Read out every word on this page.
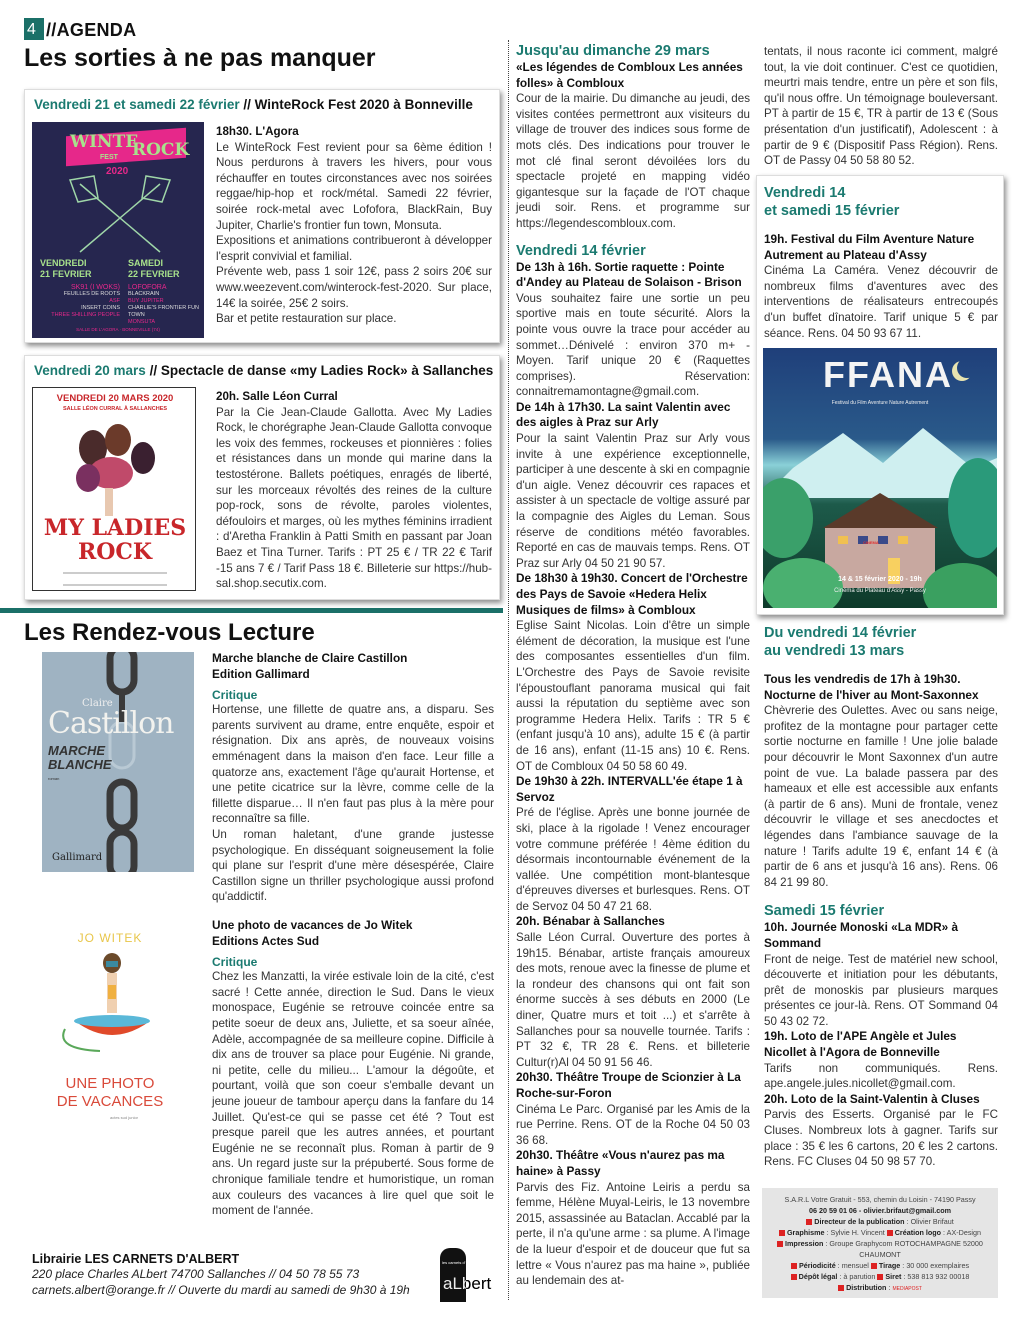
4 //AGENDA
Les sorties à ne pas manquer
Vendredi 21 et samedi 22 février // WinteRock Fest 2020 à Bonneville
WINTE
ROCK
FEST
2020
VENDREDI
21 FEVRIER
SAMEDI
22 FEVRIER
SK91 (I WOKS)
FEUILLES DE ROOTS
ASF
INSERT COINS
THREE SHILLING PEOPLE
LOFOFORA
BLACKRAIN
BUY JUPITER
CHARLIE'S FRONTIER FUN TOWN
MONSUTA
SALLE DE L'AGORA · BONNEVILLE (74)
18h30. L'Agora
Le WinteRock Fest revient pour sa 6ème édition ! Nous perdurons à travers les hivers, pour vous réchauffer en toutes circonstances avec nos soirées reggae/hip-hop et rock/métal. Samedi 22 février, soirée rock-metal avec Lofofora, BlackRain, Buy Jupiter, Charlie's frontier fun town, Monsuta.
Expositions et animations contribueront à développer l'esprit convivial et familial.
Prévente web, pass 1 soir 12€, pass 2 soirs 20€ sur www.weezevent.com/winterock-fest-2020. Sur place, 14€ la soirée, 25€ 2 soirs.
Bar et petite restauration sur place.
Vendredi 20 mars // Spectacle de danse «my Ladies Rock» à Sallanches
VENDREDI 20 MARS 2020
SALLE LÉON CURRAL À SALLANCHES
MY LADIES
ROCK
20h. Salle Léon Curral
Par la Cie Jean-Claude Gallotta. Avec My Ladies Rock, le chorégraphe Jean-Claude Gallotta convoque les voix des femmes, rockeuses et pionnières : folies et résistances dans un monde qui marine dans la testostérone. Ballets poétiques, enragés de liberté, sur les morceaux révoltés des reines de la culture pop-rock, sons de révolte, paroles violentes, défouloirs et marges, où les mythes féminins irradient : d'Aretha Franklin à Patti Smith en passant par Joan Baez et Tina Turner. Tarifs : PT 25 € / TR 22 € Tarif -15 ans 7 € / Tarif Pass 18 €. Billeterie sur https://hub-sal.shop.secutix.com.
Les Rendez-vous Lecture
Claire
Castillon
MARCHE
BLANCHE
roman
Gallimard
Marche blanche de Claire Castillon
Edition Gallimard
Critique
Hortense, une fillette de quatre ans, a disparu. Ses parents survivent au drame, entre enquête, espoir et résignation. Dix ans après, de nouveaux voisins emménagent dans la maison d'en face. Leur fille a quatorze ans, exactement l'âge qu'aurait Hortense, et une petite cicatrice sur la lèvre, comme celle de la fillette disparue… Il n'en faut pas plus à la mère pour reconnaître sa fille.
Un roman haletant, d'une grande justesse psychologique. En disséquant soigneusement la folie qui plane sur l'esprit d'une mère désespérée, Claire Castillon signe un thriller psychologique aussi profond qu'addictif.
JO WITEK
UNE PHOTO
DE VACANCES
actes sud junior
Une photo de vacances de Jo Witek
Editions Actes Sud
Critique
Chez les Manzatti, la virée estivale loin de la cité, c'est sacré ! Cette année, direction le Sud. Dans le vieux monospace, Eugénie se retrouve coincée entre sa petite soeur de deux ans, Juliette, et sa soeur aînée, Adèle, accompagnée de sa meilleure copine. Difficile à dix ans de trouver sa place pour Eugénie. Ni grande, ni petite, celle du milieu... L'amour la dégoûte, et pourtant, voilà que son coeur s'emballe devant un jeune joueur de tambour aperçu dans la fanfare du 14 Juillet. Qu'est-ce qui se passe cet été ? Tout est presque pareil que les autres années, et pourtant Eugénie ne se reconnaît plus. Roman à partir de 9 ans. Un regard juste sur la prépuberté. Sous forme de chronique familiale tendre et humoristique, un roman aux couleurs des vacances à lire quel que soit le moment de l'année.
Librairie LES CARNETS D'ALBERT
220 place Charles ALbert 74700 Sallanches // 04 50 78 55 73
carnets.albert@orange.fr // Ouverte du mardi au samedi de 9h30 à 19h
les carnets d'
aLbert
Jusqu'au dimanche 29 mars
«Les légendes de Combloux Les années folles» à Combloux
Cour de la mairie. Du dimanche au jeudi, des visites contées permettront aux visiteurs du village de trouver des indices sous forme de mots clés. Des indications pour trouver le mot clé final seront dévoilées lors du spectacle projeté en mapping vidéo gigantesque sur la façade de l'OT chaque jeudi soir. Rens. et programme sur https://legendescombloux.com.
Vendredi 14 février
De 13h à 16h. Sortie raquette : Pointe d'Andey au Plateau de Solaison - Brison
Vous souhaitez faire une sortie un peu sportive mais en toute sécurité. Alors la pointe vous ouvre la trace pour accéder au sommet…Dénivelé : environ 370 m+ - Moyen. Tarif unique 20 € (Raquettes comprises). Réservation: connaitremamontagne@gmail.com.
De 14h à 17h30. La saint Valentin avec des aigles à Praz sur Arly
Pour la saint Valentin Praz sur Arly vous invite à une expérience exceptionnelle, participer à une descente à ski en compagnie d'un aigle. Venez découvrir ces rapaces et assister à un spectacle de voltige assuré par la compagnie des Aigles du Leman. Sous réserve de conditions météo favorables. Reporté en cas de mauvais temps. Rens. OT Praz sur Arly 04 50 21 90 57.
De 18h30 à 19h30. Concert de l'Orchestre des Pays de Savoie «Hedera Helix Musiques de films» à Combloux
Eglise Saint Nicolas. Loin d'être un simple élément de décoration, la musique est l'une des composantes essentielles d'un film. L'Orchestre des Pays de Savoie revisite l'époustouflant panorama musical qui fait aussi la réputation du septième avec son programme Hedera Helix. Tarifs : TR 5 € (enfant jusqu'à 10 ans), adulte 15 € (à partir de 16 ans), enfant (11-15 ans) 10 €. Rens. OT de Combloux 04 50 58 60 49.
De 19h30 à 22h. INTERVALL'ée étape 1 à Servoz
Pré de l'église. Après une bonne journée de ski, place à la rigolade ! Venez encourager votre commune préférée ! 4ème édition du désormais incontournable événement de la vallée. Une compétition mont-blantesque d'épreuves diverses et burlesques. Rens. OT de Servoz 04 50 47 21 68.
20h. Bénabar à Sallanches
Salle Léon Curral. Ouverture des portes à 19h15. Bénabar, artiste français amoureux des mots, renoue avec la finesse de plume et la rondeur des chansons qui ont fait son énorme succès à ses débuts en 2000 (Le diner, Quatre murs et toit ...) et s'arrête à Sallanches pour sa nouvelle tournée. Tarifs : PT 32 €, TR 28 €. Rens. et billeterie Cultur(r)Al 04 50 91 56 46.
20h30. Théâtre Troupe de Scionzier à La Roche-sur-Foron
Cinéma Le Parc. Organisé par les Amis de la rue Perrine. Rens. OT de la Roche 04 50 03 36 68.
20h30. Théâtre «Vous n'aurez pas ma haine» à Passy
Parvis des Fiz. Antoine Leiris a perdu sa femme, Hélène Muyal-Leiris, le 13 novembre 2015, assassinée au Bataclan. Accablé par la perte, il n'a qu'une arme : sa plume. A l'image de la lueur d'espoir et de douceur que fut sa lettre « Vous n'aurez pas ma haine », publiée au lendemain des at-
tentats, il nous raconte ici comment, malgré tout, la vie doit continuer. C'est ce quotidien, meurtri mais tendre, entre un père et son fils, qu'il nous offre. Un témoignage bouleversant. PT à partir de 15 €, TR à partir de 13 € (Sous présentation d'un justificatif), Adolescent : à partir de 9 € (Dispositif Pass Région). Rens. OT de Passy 04 50 58 80 52.
Vendredi 14
et samedi 15 février
19h. Festival du Film Aventure Nature Autrement au Plateau d'Assy
Cinéma La Caméra. Venez découvrir de nombreux films d'aventures avec des interventions de réalisateurs entrecoupés d'un buffet dînatoire. Tarif unique 5 € par séance. Rens. 04 50 93 67 11.
FFANA
Festival du Film Aventure Nature Autrement
14 & 15 février 2020 - 19h
Cinéma du Plateau d'Assy - Passy
CINEMA
Du vendredi 14 février
au vendredi 13 mars
Tous les vendredis de 17h à 19h30. Nocturne de l'hiver au Mont-Saxonnex
Chèvrerie des Oulettes. Avec ou sans neige, profitez de la montagne pour partager cette sortie nocturne en famille ! Une jolie balade pour découvrir le Mont Saxonnex d'un autre point de vue. La balade passera par des hameaux et elle est accessible aux enfants (à partir de 6 ans). Muni de frontale, venez découvrir le village et ses anecdoctes et légendes dans l'ambiance sauvage de la nature ! Tarifs adulte 19 €, enfant 14 € (à partir de 6 ans et jusqu'à 16 ans). Rens. 06 84 21 99 80.
Samedi 15 février
10h. Journée Monoski «La MDR» à Sommand
Front de neige. Test de matériel new school, découverte et initiation pour les débutants, prêt de monoskis par plusieurs marques présentes ce jour-là. Rens. OT Sommand 04 50 43 02 72.
19h. Loto de l'APE Angèle et Jules Nicollet à l'Agora de Bonneville
Tarifs non communiqués. Rens. ape.angele.jules.nicollet@gmail.com.
20h. Loto de la Saint-Valentin à Cluses
Parvis des Esserts. Organisé par le FC Cluses. Nombreux lots à gagner. Tarifs sur place : 35 € les 6 cartons, 20 € les 2 cartons. Rens. FC Cluses 04 50 98 57 70.
S.A.R.L Votre Gratuit - 553, chemin du Loisin - 74190 Passy
06 20 59 01 06 - olivier.brifaut@gmail.com
Directeur de la publication : Olivier Brifaut
Graphisme : Sylvie H. Vincent Création logo : AX-Design
Impression : Groupe Graphycom ROTOCHAMPAGNE 52000 CHAUMONT
Périodicité : mensuel Tirage : 30 000 exemplaires
Dépôt légal : à parution Siret : 538 813 932 00018
Distribution : MEDIAPOST
